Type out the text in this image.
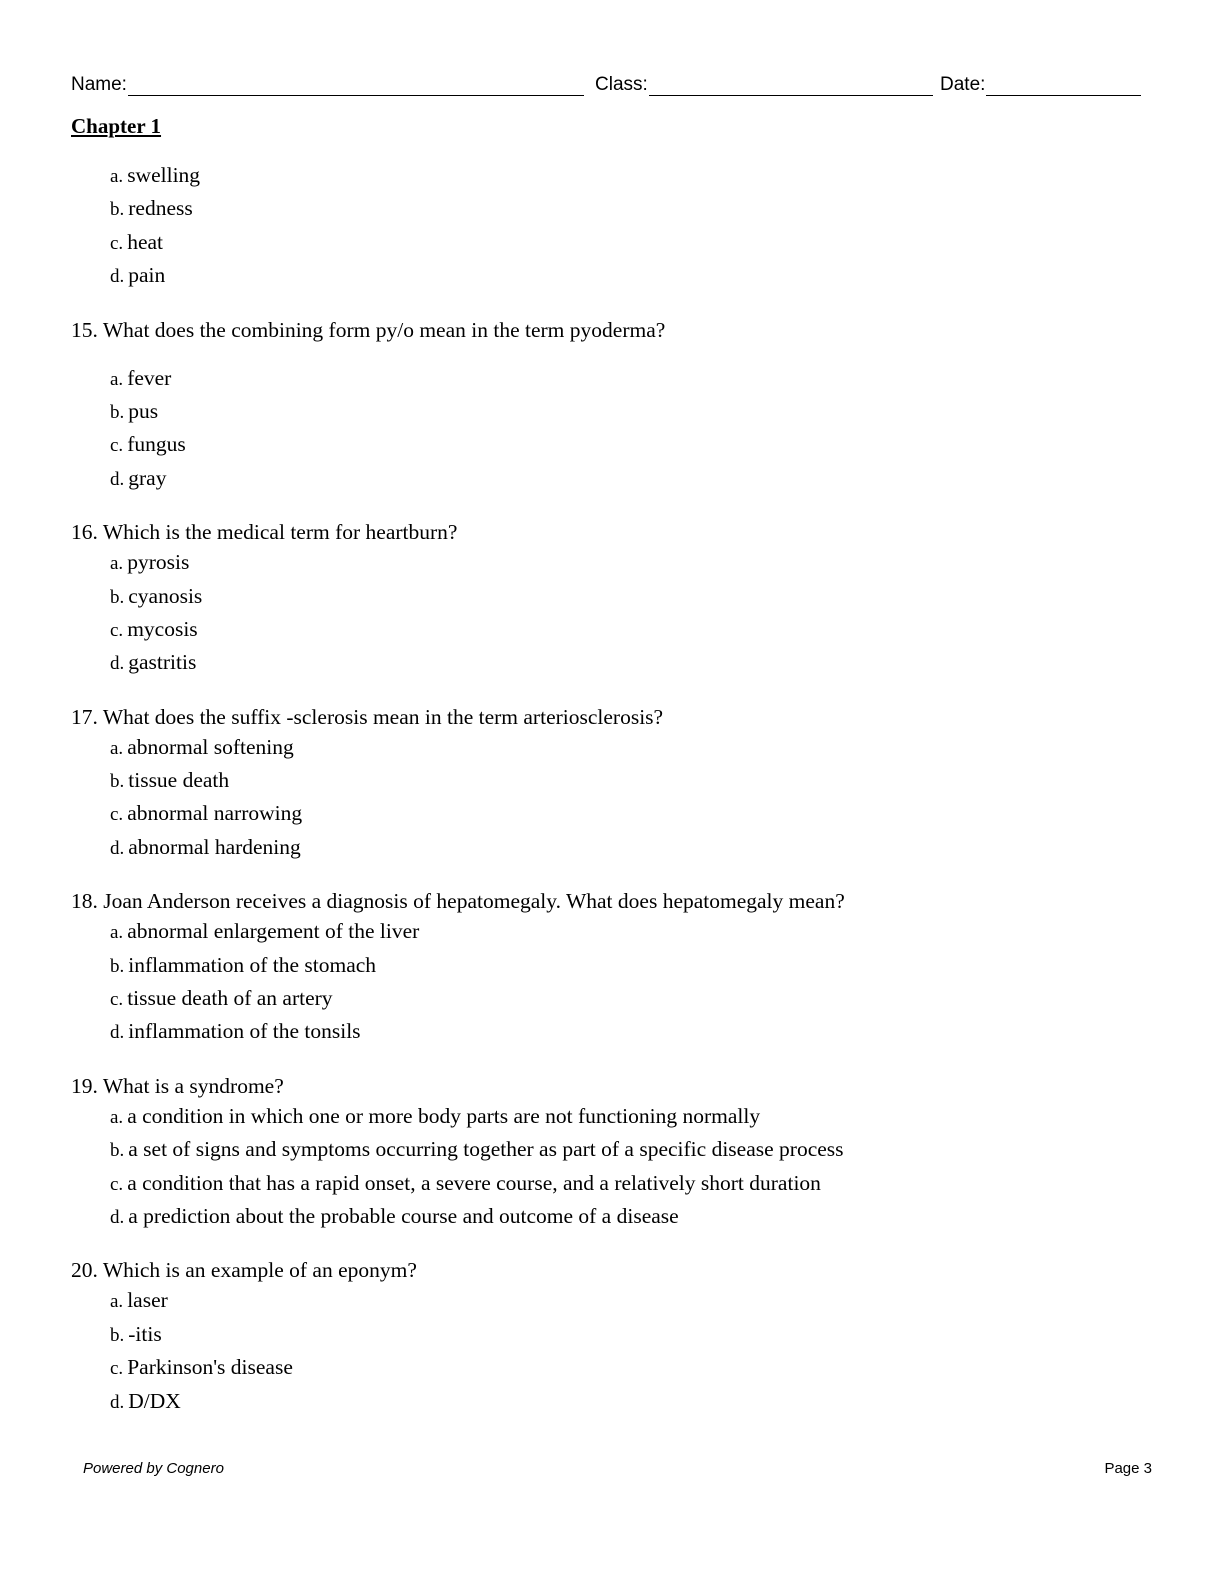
Name:	Class:	Date:
Chapter 1
a. swelling
b. redness
c. heat
d. pain
15. What does the combining form py/o mean in the term pyoderma?
a. fever
b. pus
c. fungus
d. gray
16. Which is the medical term for heartburn?
a. pyrosis
b. cyanosis
c. mycosis
d. gastritis
17. What does the suffix -sclerosis mean in the term arteriosclerosis?
a. abnormal softening
b. tissue death
c. abnormal narrowing
d. abnormal hardening
18. Joan Anderson receives a diagnosis of hepatomegaly. What does hepatomegaly mean?
a. abnormal enlargement of the liver
b. inflammation of the stomach
c. tissue death of an artery
d. inflammation of the tonsils
19. What is a syndrome?
a. a condition in which one or more body parts are not functioning normally
b. a set of signs and symptoms occurring together as part of a specific disease process
c. a condition that has a rapid onset, a severe course, and a relatively short duration
d. a prediction about the probable course and outcome of a disease
20. Which is an example of an eponym?
a. laser
b. -itis
c. Parkinson's disease
d. D/DX
Powered by Cognero	Page 3
